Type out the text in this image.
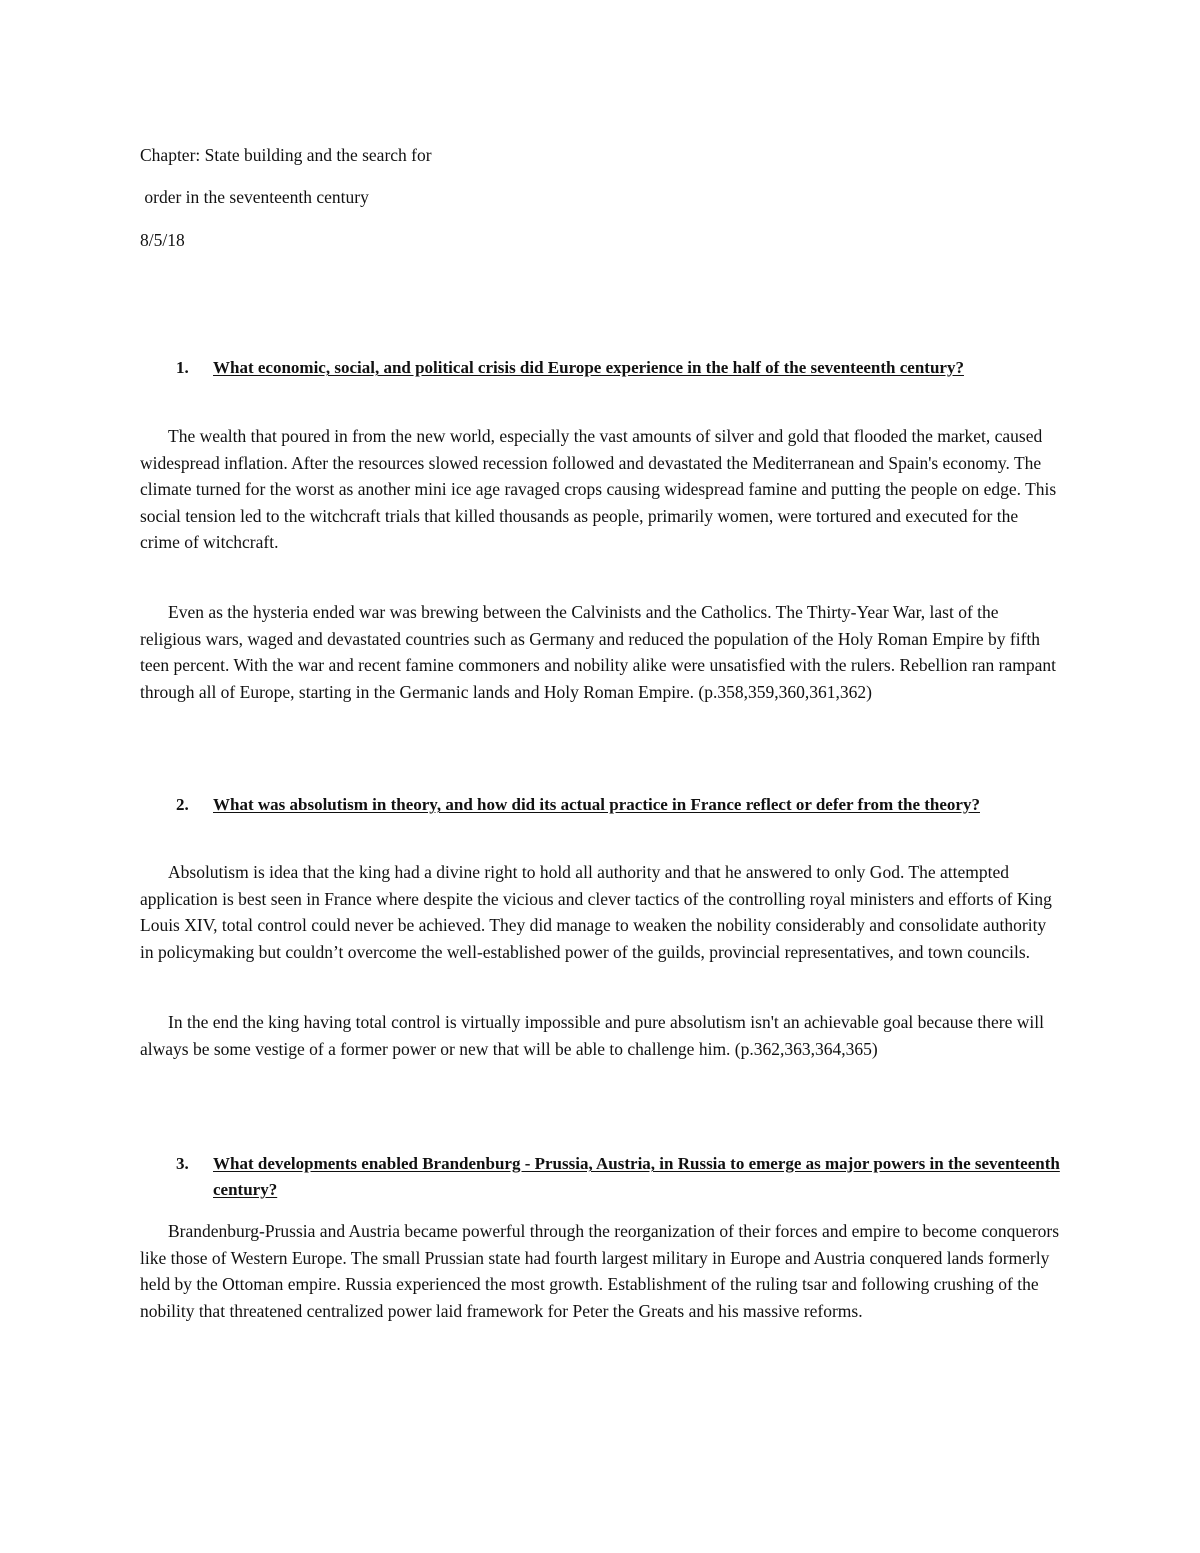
Chapter: State building and the search for
order in the seventeenth century
8/5/18
1. What economic, social, and political crisis did Europe experience in the half of the seventeenth century?

The wealth that poured in from the new world, especially the vast amounts of silver and gold that flooded the market, caused widespread inflation. After the resources slowed recession followed and devastated the Mediterranean and Spain's economy. The climate turned for the worst as another mini ice age ravaged crops causing widespread famine and putting the people on edge. This social tension led to the witchcraft trials that killed thousands as people, primarily women, were tortured and executed for the crime of witchcraft.

Even as the hysteria ended war was brewing between the Calvinists and the Catholics. The Thirty-Year War, last of the religious wars, waged and devastated countries such as Germany and reduced the population of the Holy Roman Empire by fifth teen percent. With the war and recent famine commoners and nobility alike were unsatisfied with the rulers. Rebellion ran rampant through all of Europe, starting in the Germanic lands and Holy Roman Empire. (p.358,359,360,361,362)

2. What was absolutism in theory, and how did its actual practice in France reflect or defer from the theory?

Absolutism is idea that the king had a divine right to hold all authority and that he answered to only God. The attempted application is best seen in France where despite the vicious and clever tactics of the controlling royal ministers and efforts of King Louis XIV, total control could never be achieved. They did manage to weaken the nobility considerably and consolidate authority in policymaking but couldn’t overcome the well-established power of the guilds, provincial representatives, and town councils.

In the end the king having total control is virtually impossible and pure absolutism isn't an achievable goal because there will always be some vestige of a former power or new that will be able to challenge him. (p.362,363,364,365)

3. What developments enabled Brandenburg - Prussia, Austria, in Russia to emerge as major powers in the seventeenth century?

Brandenburg-Prussia and Austria became powerful through the reorganization of their forces and empire to become conquerors like those of Western Europe. The small Prussian state had fourth largest military in Europe and Austria conquered lands formerly held by the Ottoman empire. Russia experienced the most growth. Establishment of the ruling tsar and following crushing of the nobility that threatened centralized power laid framework for Peter the Greats and his massive reforms.
